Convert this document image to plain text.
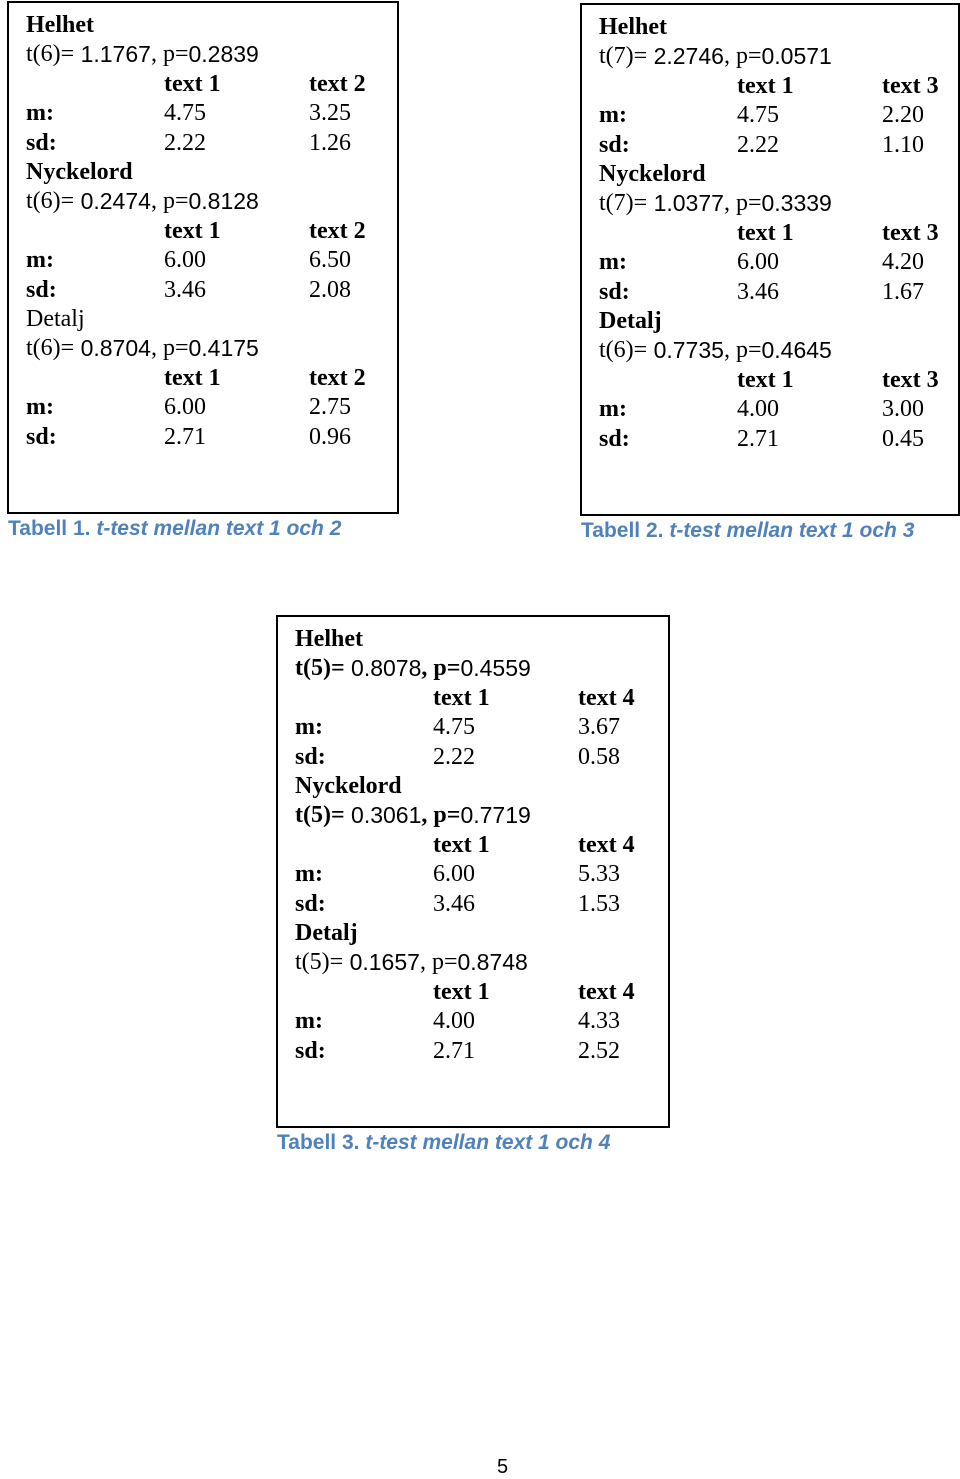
Helhet
t(6)= 1.1767 , p= 0.2839
text 1	text 2
m:	4.75	3.25
sd:	2.22	1.26
Nyckelord
t(6)= 0.2474 , p= 0.8128
text 1	text 2
m:	6.00	6.50
sd:	3.46	2.08
Detalj
t(6)= 0.8704 , p= 0.4175
text 1	text 2
m:	6.00	2.75
sd:	2.71	0.96
Tabell 1. t-test mellan text 1 och 2
Helhet
t(7)= 2.2746 , p= 0.0571
text 1	text 3
m:	4.75	2.20
sd:	2.22	1.10
Nyckelord
t(7)= 1.0377 , p= 0.3339
text 1	text 3
m:	6.00	4.20
sd:	3.46	1.67
Detalj
t(6)= 0.7735 , p= 0.4645
text 1	text 3
m:	4.00	3.00
sd:	2.71	0.45
Tabell 2. t-test mellan text 1 och 3
Helhet
t(5)= 0.8078 , p= 0.4559
text 1	text 4
m:	4.75	3.67
sd:	2.22	0.58
Nyckelord
t(5)= 0.3061 , p= 0.7719
text 1	text 4
m:	6.00	5.33
sd:	3.46	1.53
Detalj
t(5)= 0.1657 , p= 0.8748
text 1	text 4
m:	4.00	4.33
sd:	2.71	2.52
Tabell 3. t-test mellan text 1 och 4
5
